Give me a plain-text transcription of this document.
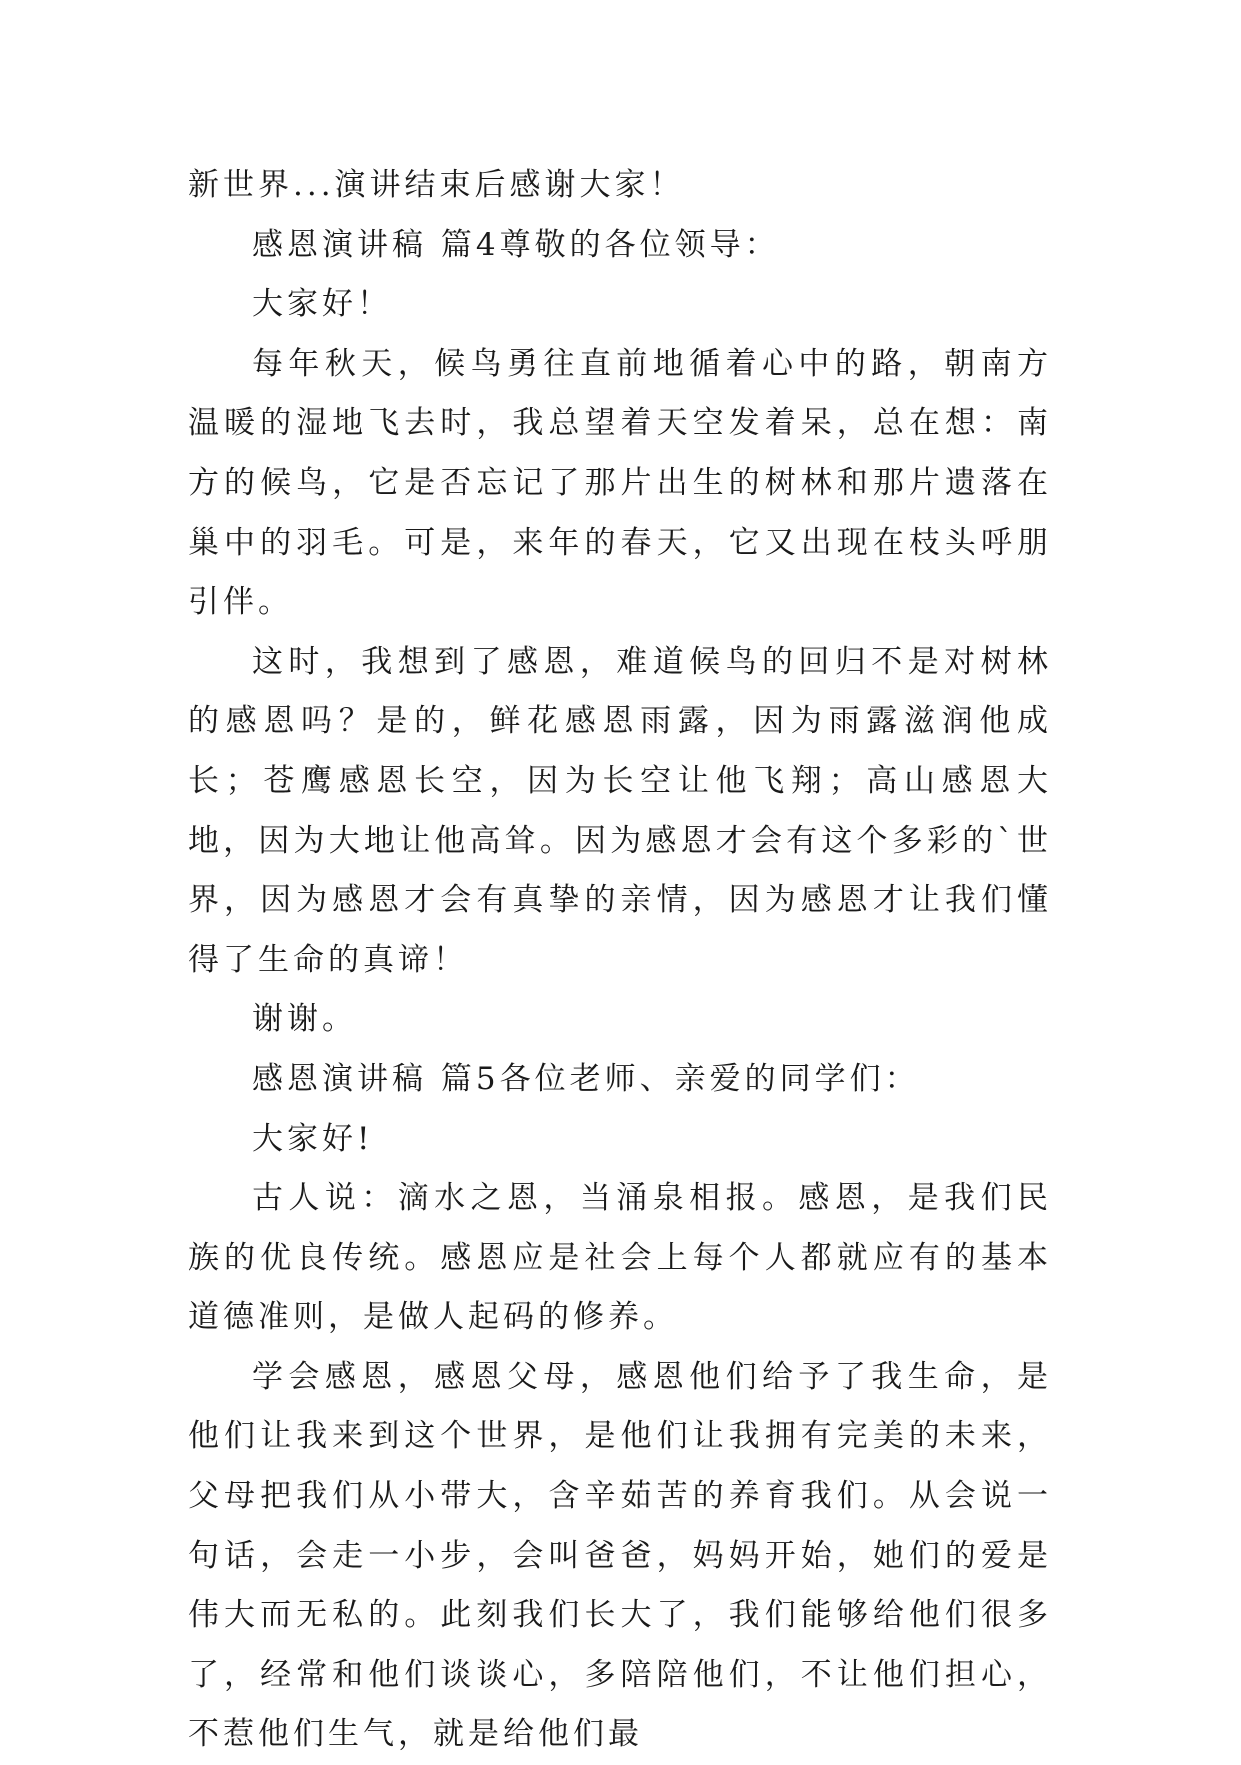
新世界...演讲结束后感谢大家！

感恩演讲稿 篇4尊敬的各位领导：

大家好！

每年秋天，候鸟勇往直前地循着心中的路，朝南方温暖的湿地飞去时，我总望着天空发着呆，总在想：南方的候鸟，它是否忘记了那片出生的树林和那片遗落在巢中的羽毛。可是，来年的春天，它又出现在枝头呼朋引伴。

这时，我想到了感恩，难道候鸟的回归不是对树林的感恩吗？是的，鲜花感恩雨露，因为雨露滋润他成长；苍鹰感恩长空，因为长空让他飞翔；高山感恩大地，因为大地让他高耸。因为感恩才会有这个多彩的`世界，因为感恩才会有真挚的亲情，因为感恩才让我们懂得了生命的真谛！

谢谢。

感恩演讲稿 篇5各位老师、亲爱的同学们：

大家好!

古人说：滴水之恩，当涌泉相报。感恩，是我们民族的优良传统。感恩应是社会上每个人都就应有的基本道德准则，是做人起码的修养。

学会感恩，感恩父母，感恩他们给予了我生命，是他们让我来到这个世界，是他们让我拥有完美的未来，父母把我们从小带大，含辛茹苦的养育我们。从会说一句话，会走一小步，会叫爸爸，妈妈开始，她们的爱是伟大而无私的。此刻我们长大了，我们能够给他们很多了，经常和他们谈谈心，多陪陪他们，不让他们担心，不惹他们生气，就是给他们最
